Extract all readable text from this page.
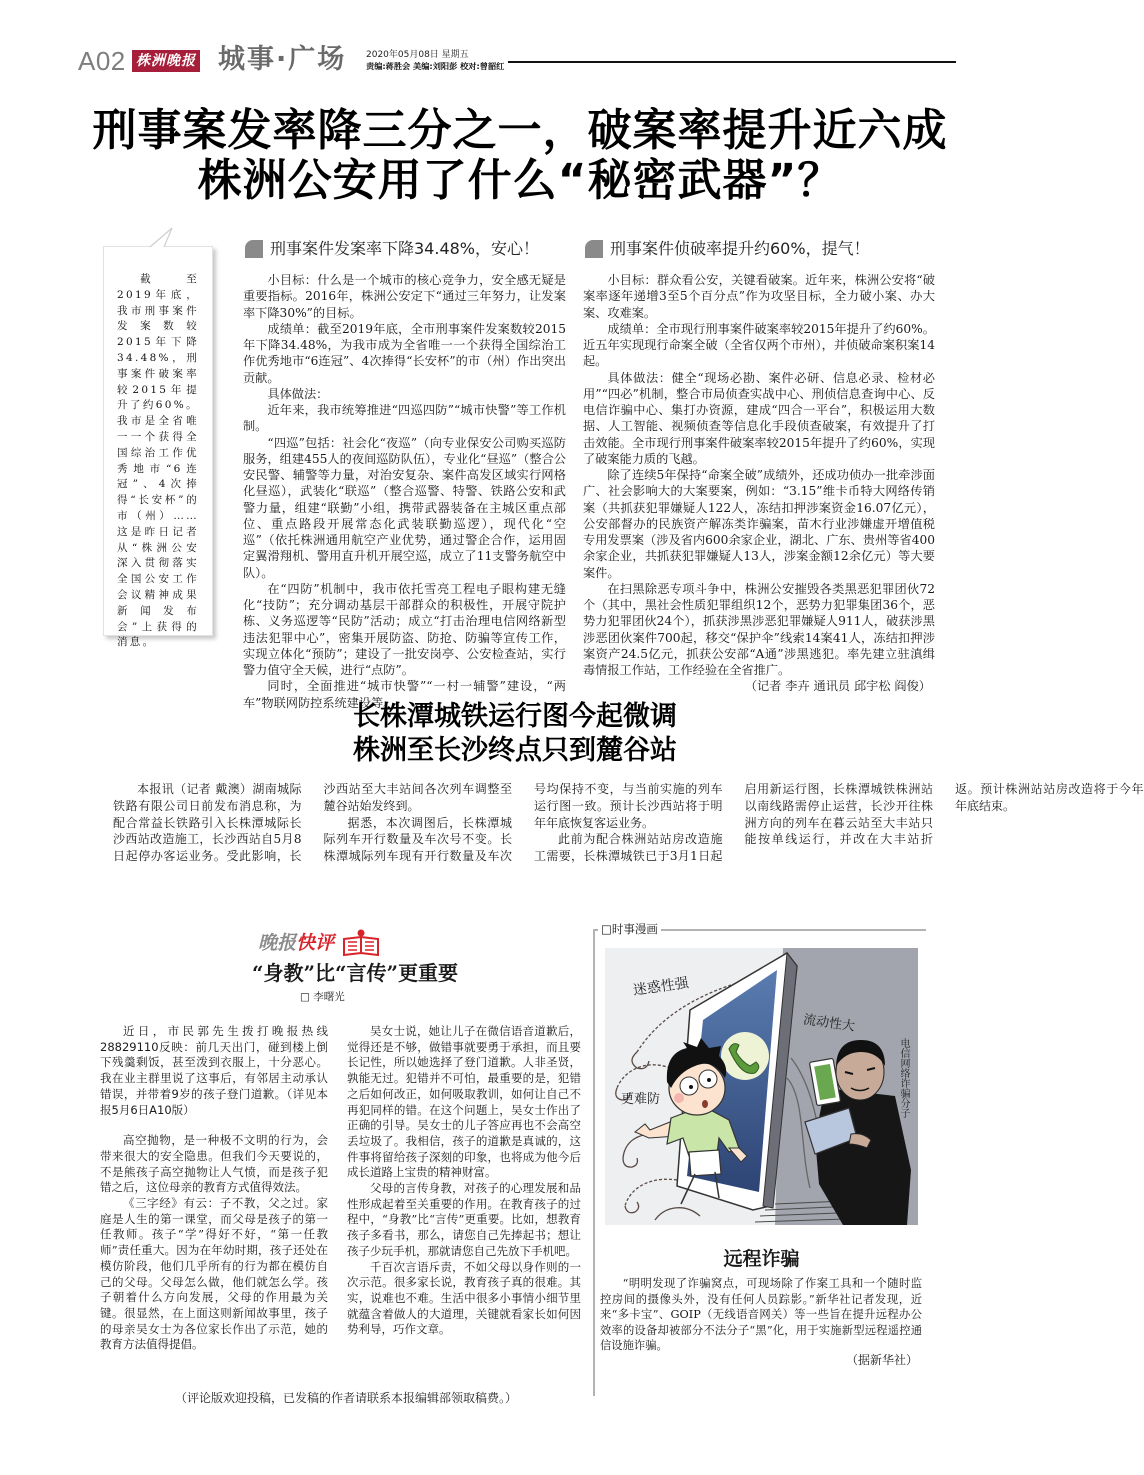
A02 株洲晚报 城事·广场 2020年05月08日 星期五
责编:蒋胜会 美编:刘阳彭 校对:曾韶红
刑事案发率降三分之一，破案率提升近六成
株洲公安用了什么“秘密武器”？
截至2019年底，我市刑事案件发案数较2015年下降34.48%，刑事案件破案率较2015年提升了约60%。我市是全省唯一一个获得全国综治工作优秀地市“6连冠”、4次捧得“长安杯”的市（州）……这是昨日记者从“株洲公安深入贯彻落实全国公安工作会议精神成果新闻发布会”上获得的消息。
刑事案件发案率下降34.48%，安心！

小目标：什么是一个城市的核心竞争力，安全感无疑是重要指标。2016年，株洲公安定下“通过三年努力，让发案率下降30%”的目标。

成绩单：截至2019年底，全市刑事案件发案数较2015年下降34.48%，为我市成为全省唯一一个获得全国综治工作优秀地市“6连冠”、4次捧得“长安杯”的市（州）作出突出贡献。

具体做法：

近年来，我市统筹推进“四巡四防”“城市快警”等工作机制。

“四巡”包括：社会化“夜巡”（向专业保安公司购买巡防服务，组建455人的夜间巡防队伍），专业化“昼巡”（整合公安民警、辅警等力量，对治安复杂、案件高发区域实行网格化昼巡），武装化“联巡”（整合巡警、特警、铁路公安和武警力量，组建“联勤”小组，携带武器装备在主城区重点部位、重点路段开展常态化武装联勤巡逻），现代化“空巡”（依托株洲通用航空产业优势，通过警企合作，运用固定翼滑翔机、警用直升机开展空巡，成立了11支警务航空中队）。

在“四防”机制中，我市依托雪亮工程电子眼构建无缝化“技防”；充分调动基层干部群众的积极性，开展守院护栋、义务巡逻等“民防”活动；成立“打击治理电信网络新型违法犯罪中心”，密集开展防盗、防抢、防骗等宣传工作，实现立体化“预防”；建设了一批安岗亭、公安检查站，实行警力值守全天候，进行“点防”。

同时，全面推进“城市快警”“一村一辅警”建设，“两车”物联网防控系统建设等。

刑事案件侦破率提升约60%，提气！

小目标：群众看公安，关键看破案。近年来，株洲公安将“破案率逐年递增3至5个百分点”作为攻坚目标，全力破小案、办大案、攻难案。

成绩单：全市现行刑事案件破案率较2015年提升了约60%。近五年实现现行命案全破（全省仅两个市州），并侦破命案积案14起。

具体做法：健全“现场必勘、案件必研、信息必录、检材必用”“四必”机制，整合市局侦查实战中心、刑侦信息查询中心、反电信诈骗中心、集打办资源，建成“四合一平台”，积极运用大数据、人工智能、视频侦查等信息化手段侦查破案，有效提升了打击效能。全市现行刑事案件破案率较2015年提升了约60%，实现了破案能力质的飞越。

除了连续5年保持“命案全破”成绩外，还成功侦办一批牵涉面广、社会影响大的大案要案，例如：“3.15”维卡币特大网络传销案（共抓获犯罪嫌疑人122人，冻结扣押涉案资金16.07亿元），公安部督办的民族资产解冻类诈骗案，苗木行业涉嫌虚开增值税专用发票案（涉及省内600余家企业，湖北、广东、贵州等省400余家企业，共抓获犯罪嫌疑人13人，涉案金额12余亿元）等大要案件。

在扫黑除恶专项斗争中，株洲公安摧毁各类黑恶犯罪团伙72个（其中，黑社会性质犯罪组织12个，恶势力犯罪集团36个，恶势力犯罪团伙24个），抓获涉黑涉恶犯罪嫌疑人911人，破获涉黑涉恶团伙案件700起，移交“保护伞”线索14案41人，冻结扣押涉案资产24.5亿元，抓获公安部“A通”涉黑逃犯。率先建立驻滇缉毒情报工作站，工作经验在全省推广。

（记者 李卉 通讯员 邱宇松 阎俊）
长株潭城铁运行图今起微调
株洲至长沙终点只到麓谷站

本报讯（记者 戴澳）湖南城际铁路有限公司日前发布消息称，为配合常益长铁路引入长株潭城际长沙西站改造施工，长沙西站自5月8日起停办客运业务。受此影响，长沙西站至大丰站间各次列车调整至麓谷站始发终到。

据悉，本次调图后，长株潭城际列车开行数量及车次号不变。长株潭城际列车现有开行数量及车次号均保持不变，与当前实施的列车运行图一致。预计长沙西站将于明年年底恢复客运业务。

此前为配合株洲站站房改造施工需要，长株潭城铁已于3月1日起启用新运行图，长株潭城铁株洲站以南线路需停止运营，长沙开往株洲方向的列车在暮云站至大丰站只能按单线运行，并改在大丰站折返。预计株洲站站房改造将于今年年底结束。

晚报快评
“身教”比“言传”更重要
□ 李曙光

近日，市民郭先生拨打晚报热线28829110反映：前几天出门，碰到楼上倒下残羹剩饭，甚至泼到衣服上，十分恶心。我在业主群里说了这事后，有邻居主动承认错误，并带着9岁的孩子登门道歉。（详见本报5月6日A10版）

高空抛物，是一种极不文明的行为，会带来很大的安全隐患。但我们今天要说的，不是熊孩子高空抛物让人气愤，而是孩子犯错之后，这位母亲的教育方式值得效法。

《三字经》有云：子不教，父之过。家庭是人生的第一课堂，而父母是孩子的第一任教师。孩子“学”得好不好，“第一任教师”责任重大。因为在年幼时期，孩子还处在模仿阶段，他们几乎所有的行为都在模仿自己的父母。父母怎么做，他们就怎么学。孩子朝着什么方向发展，父母的作用最为关键。很显然，在上面这则新闻故事里，孩子的母亲吴女士为各位家长作出了示范，她的教育方法值得提倡。

吴女士说，她让儿子在微信语音道歉后，觉得还是不够，做错事就要勇于承担，而且要长记性，所以她选择了登门道歉。人非圣贤，孰能无过。犯错并不可怕，最重要的是，犯错之后如何改正，如何吸取教训，如何让自己不再犯同样的错。在这个问题上，吴女士作出了正确的引导。吴女士的儿子答应再也不会高空丢垃圾了。我相信，孩子的道歉是真诚的，这件事将留给孩子深刻的印象，也将成为他今后成长道路上宝贵的精神财富。

父母的言传身教，对孩子的心理发展和品性形成起着至关重要的作用。在教育孩子的过程中，“身教”比“言传”更重要。比如，想教育孩子多看书，那么，请您自己先捧起书；想让孩子少玩手机，那就请您自己先放下手机吧。

千百次言语斥责，不如父母以身作则的一次示范。很多家长说，教育孩子真的很难。其实，说难也不难。生活中很多小事情小细节里就蕴含着做人的大道理，关键就看家长如何因势利导，巧作文章。

（评论版欢迎投稿，已发稿的作者请联系本报编辑部领取稿费。）
□时事漫画
迷惑性强
流动性大
更难防	电信网络诈骗分子
远程诈骗
“明明发现了诈骗窝点，可现场除了作案工具和一个随时监控房间的摄像头外，没有任何人员踪影。”新华社记者发现，近来“多卡宝”、GOIP（无线语音网关）等一些旨在提升远程办公效率的设备却被部分不法分子“黑”化，用于实施新型远程遥控通信设施诈骗。
（据新华社）
